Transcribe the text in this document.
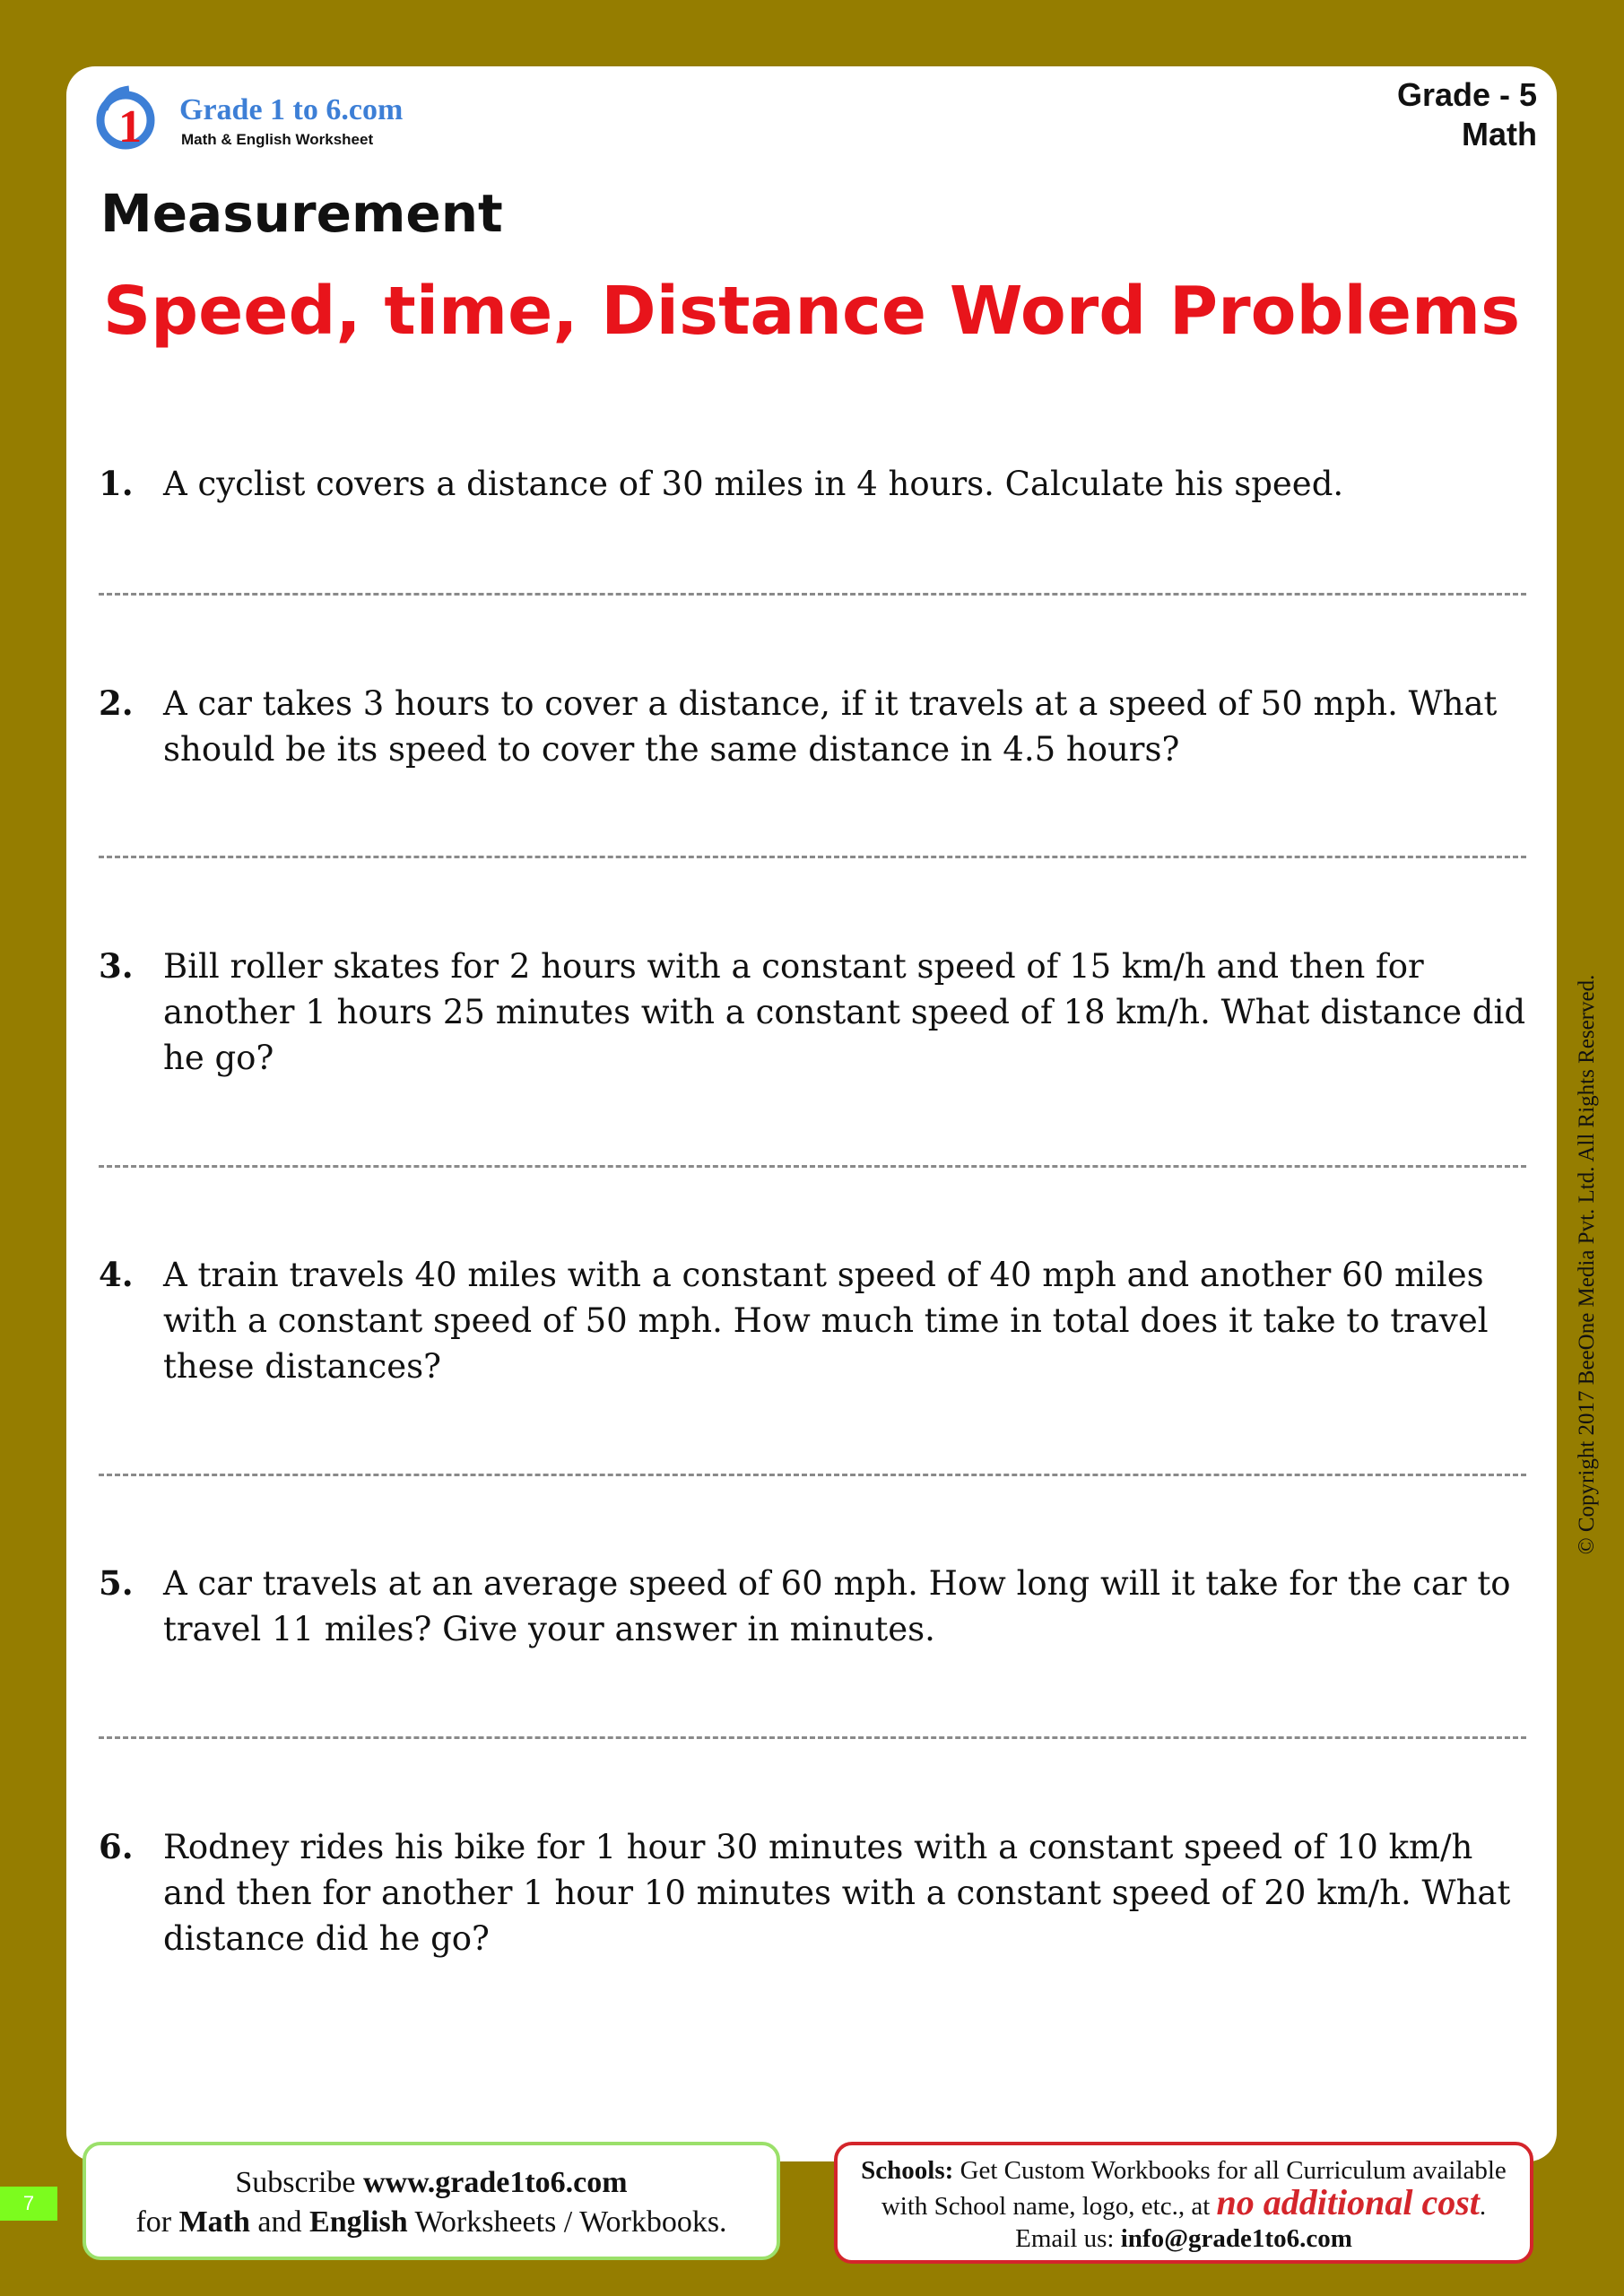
1 Grade 1 to 6.com
Math & English Worksheet
Grade - 5
Math
Measurement
Speed, time, Distance Word Problems
1. A cyclist covers a distance of 30 miles in 4 hours. Calculate his speed.
2. A car takes 3 hours to cover a distance, if it travels at a speed of 50 mph. What should be its speed to cover the same distance in 4.5 hours?
3. Bill roller skates for 2 hours with a constant speed of 15 km/h and then for another 1 hours 25 minutes with a constant speed of 18 km/h. What distance did he go?
4. A train travels 40 miles with a constant speed of 40 mph and another 60 miles with a constant speed of 50 mph. How much time in total does it take to travel these distances?
5. A car travels at an average speed of 60 mph. How long will it take for the car to travel 11 miles? Give your answer in minutes.
6. Rodney rides his bike for 1 hour 30 minutes with a constant speed of 10 km/h and then for another 1 hour 10 minutes with a constant speed of 20 km/h. What distance did he go?
© Copyright 2017 BeeOne Media Pvt. Ltd. All Rights Reserved.
7
Subscribe www.grade1to6.com
for Math and English Worksheets / Workbooks.
Schools: Get Custom Workbooks for all Curriculum available
with School name, logo, etc., at no additional cost.
Email us: info@grade1to6.com
